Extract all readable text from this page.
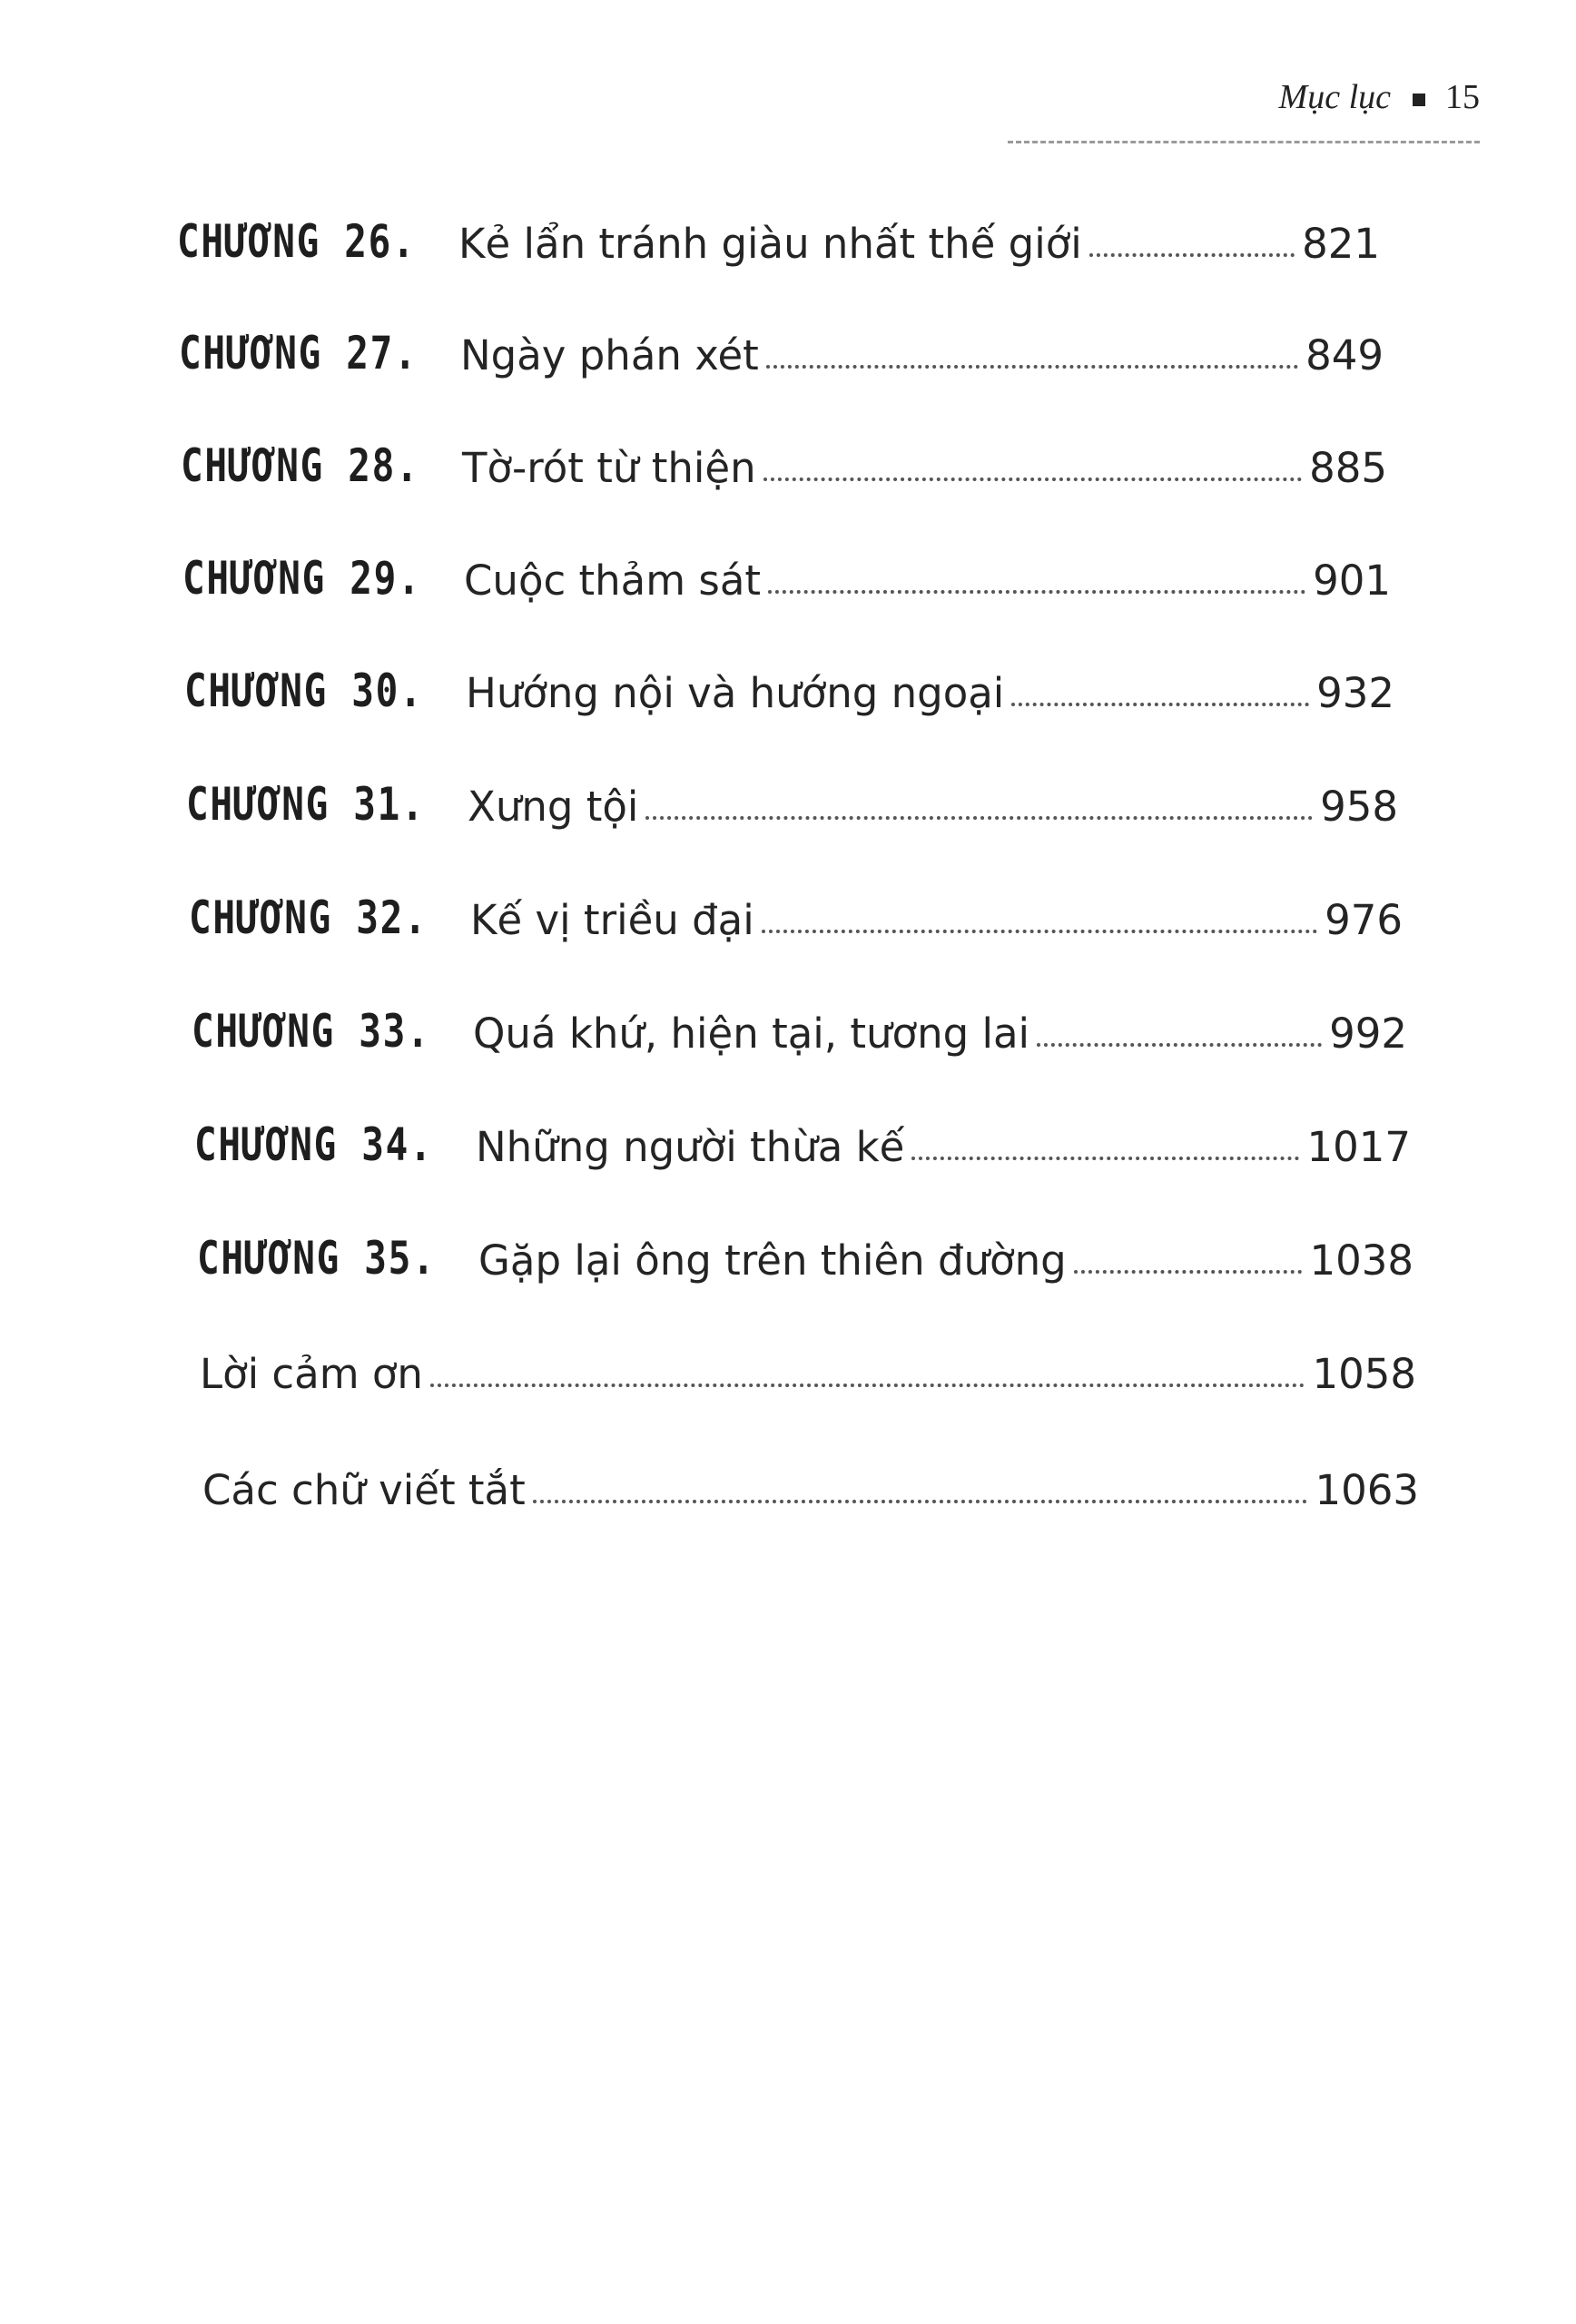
Mục lục 15
CHƯƠNG 26. Kẻ lẩn tránh giàu nhất thế giới	821
CHƯƠNG 27. Ngày phán xét	849
CHƯƠNG 28. Tờ-rót từ thiện	885
CHƯƠNG 29. Cuộc thảm sát	901
CHƯƠNG 30. Hướng nội và hướng ngoại	932
CHƯƠNG 31. Xưng tội	958
CHƯƠNG 32. Kế vị triều đại	976
CHƯƠNG 33. Quá khứ, hiện tại, tương lai	992
CHƯƠNG 34. Những người thừa kế	1017
CHƯƠNG 35. Gặp lại ông trên thiên đường	1038
Lời cảm ơn	1058
Các chữ viết tắt	1063
